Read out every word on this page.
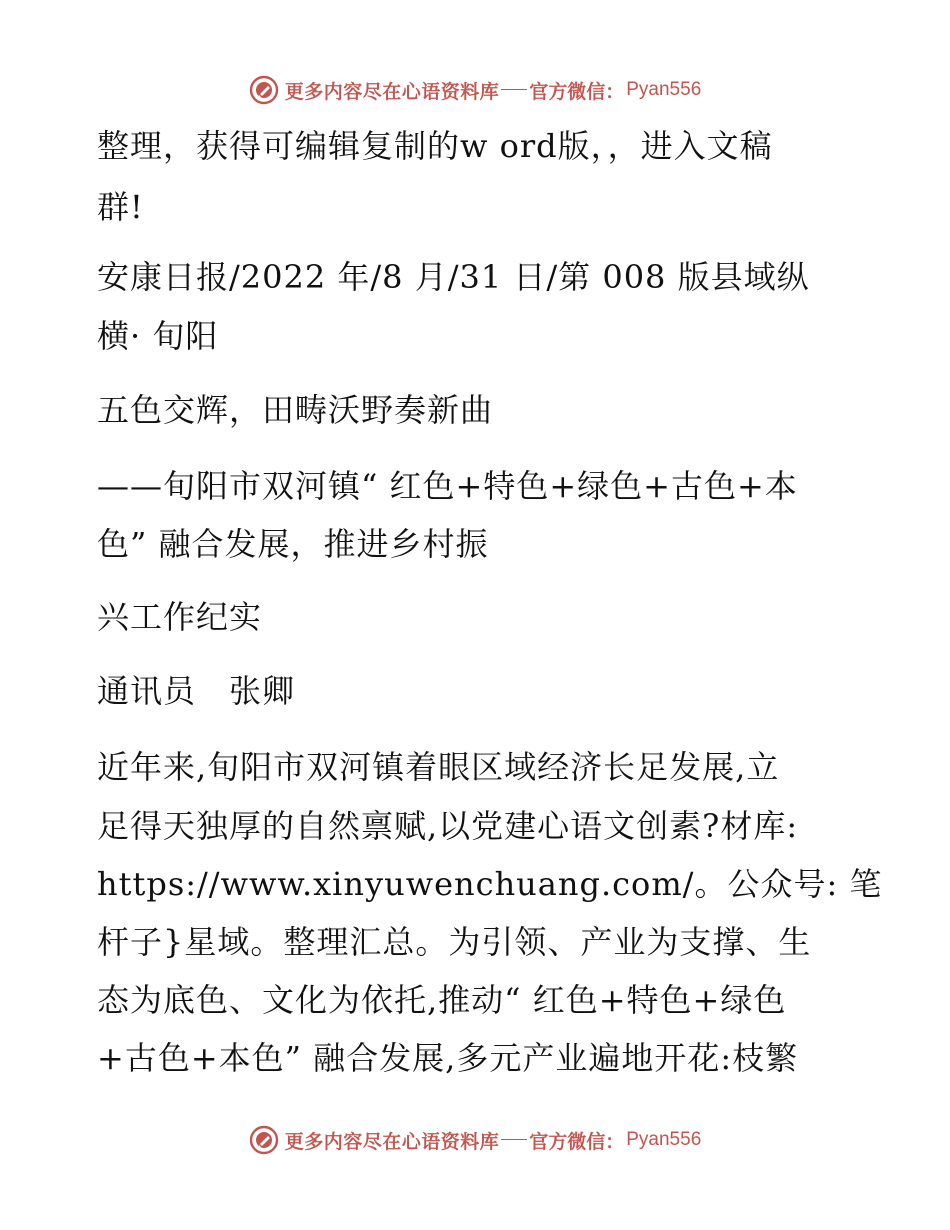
更多内容尽在心语资料库 官方微信： Pyan556
整理，获得可编辑复制的w ord版，，进入文稿
群!
安康日报/2022 年/8 月/31 日/第 008 版县域纵
横· 旬阳
五色交辉，田畴沃野奏新曲
——旬阳市双河镇“ 红色+特色+绿色+古色+本
色” 融合发展，推进乡村振
兴工作纪实
通讯员　张卿
近年来,旬阳市双河镇着眼区域经济长足发展,立
足得天独厚的自然禀赋,以党建心语文创素?材库:
https://www.xinyuwenchuang.com/。公众号: 笔
杆子}星域。整理汇总。为引领、产业为支撑、生
态为底色、文化为依托,推动“ 红色+特色+绿色
+古色+本色” 融合发展,多元产业遍地开花:枝繁
更多内容尽在心语资料库 官方微信： Pyan556
